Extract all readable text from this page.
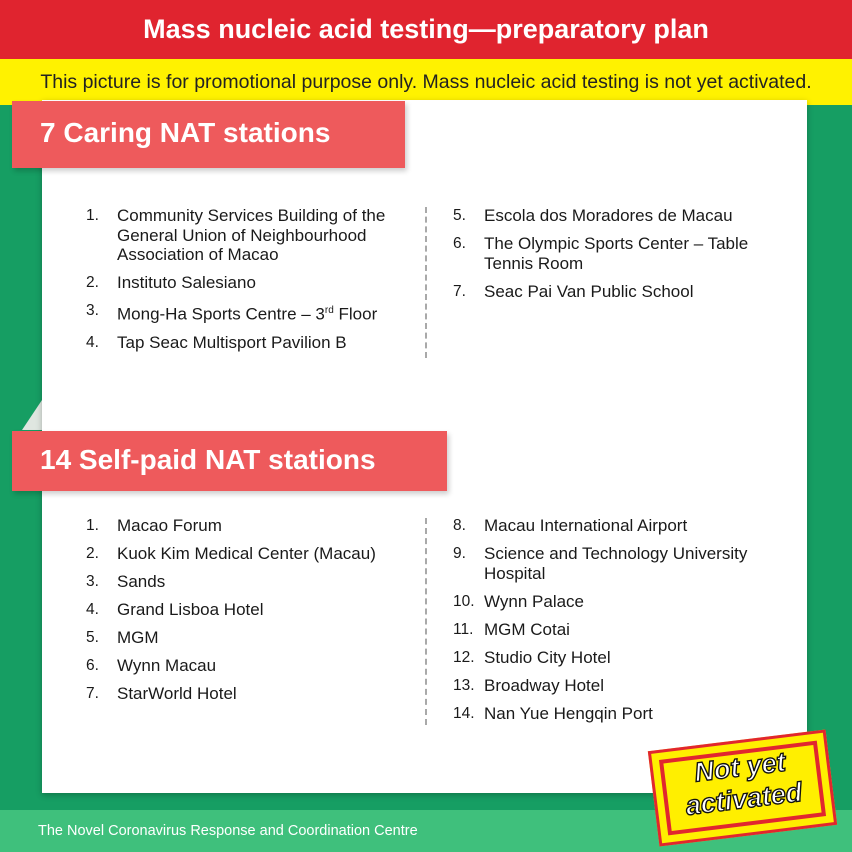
Mass nucleic acid testing—preparatory plan
This picture is for promotional purpose only. Mass nucleic acid testing is not yet activated.
7 Caring NAT stations
1.	Community Services Building of the General Union of Neighbourhood Association of Macao
2.	Instituto Salesiano
3.	Mong-Ha Sports Centre – 3rd Floor
4.	Tap Seac Multisport Pavilion B
5.	Escola dos Moradores de Macau
6.	The Olympic Sports Center – Table Tennis Room
7.	Seac Pai Van Public School
14 Self-paid NAT stations
1.	Macao Forum
2.	Kuok Kim Medical Center (Macau)
3.	Sands
4.	Grand Lisboa Hotel
5.	MGM
6.	Wynn Macau
7.	StarWorld Hotel
8.	Macau International Airport
9.	Science and Technology University Hospital
10. Wynn Palace
11. MGM Cotai
12. Studio City Hotel
13. Broadway Hotel
14. Nan Yue Hengqin Port
The Novel Coronavirus Response and Coordination Centre
Not yet
activated
